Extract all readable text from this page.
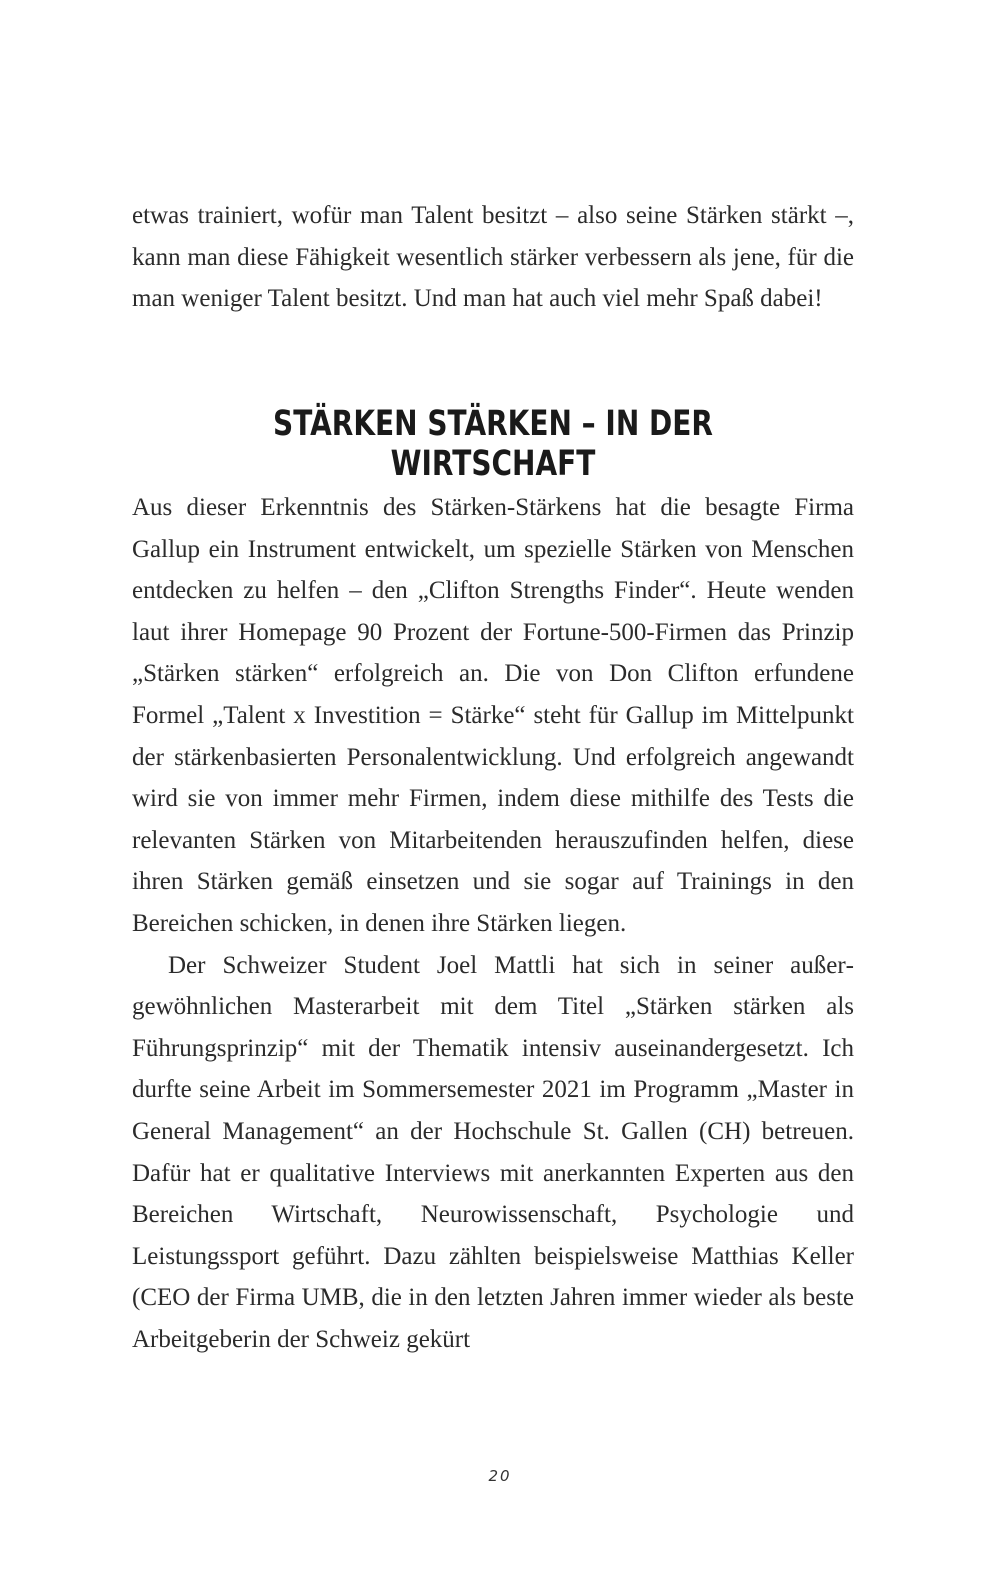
etwas trainiert, wofür man Talent besitzt – also seine Stärken stärkt –, kann man diese Fähigkeit wesentlich stärker verbessern als jene, für die man weniger Talent besitzt. Und man hat auch viel mehr Spaß dabei!

STÄRKEN STÄRKEN – IN DER WIRTSCHAFT

Aus dieser Erkenntnis des Stärken-Stärkens hat die besagte Firma Gallup ein Instrument entwickelt, um spezielle Stärken von Menschen entdecken zu helfen – den „Clifton Strengths Finder“. Heute wenden laut ihrer Homepage 90 Prozent der Fortune-500-Firmen das Prinzip „Stärken stärken“ erfolgreich an. Die von Don Clifton erfundene Formel „Talent x Investition = Stärke“ steht für Gallup im Mittelpunkt der stärkenbasierten Personalentwicklung. Und erfolgreich angewandt wird sie von immer mehr Firmen, indem diese mithilfe des Tests die relevanten Stärken von Mitarbeitenden herauszufinden helfen, diese ihren Stärken gemäß einsetzen und sie sogar auf Trainings in den Bereichen schicken, in denen ihre Stärken liegen.

Der Schweizer Student Joel Mattli hat sich in seiner außergewöhnlichen Masterarbeit mit dem Titel „Stärken stärken als Führungsprinzip“ mit der Thematik intensiv auseinandergesetzt. Ich durfte seine Arbeit im Sommersemester 2021 im Programm „Master in General Management“ an der Hochschule St. Gallen (CH) betreuen. Dafür hat er qualitative Interviews mit anerkannten Experten aus den Bereichen Wirtschaft, Neurowissenschaft, Psychologie und Leistungssport geführt. Dazu zählten beispielsweise Matthias Keller (CEO der Firma UMB, die in den letzten Jahren immer wieder als beste Arbeitgeberin der Schweiz gekürt

20
